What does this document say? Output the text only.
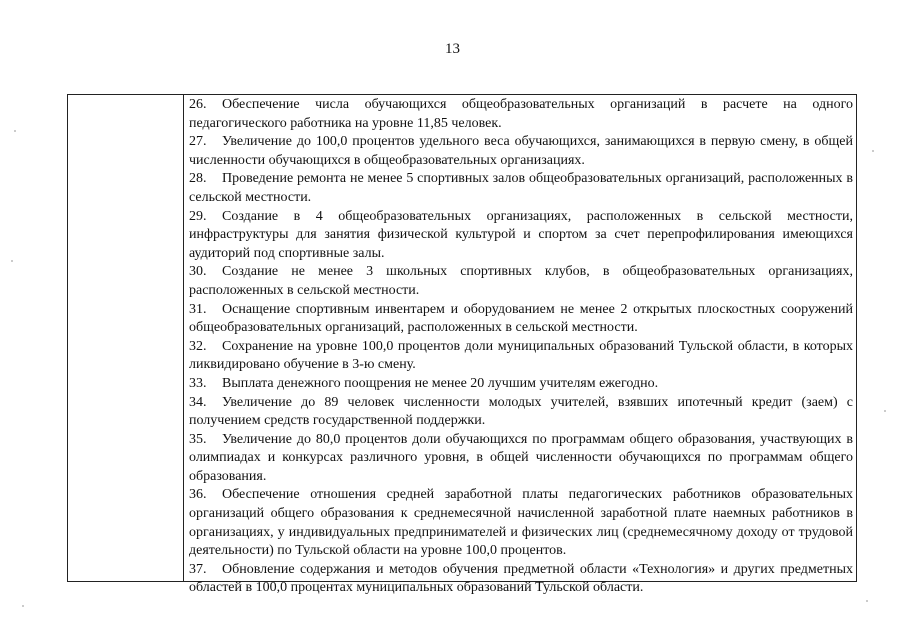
13

26. Обеспечение числа обучающихся общеобразовательных организаций в расчете на одного педагогического работника на уровне 11,85 человек.

27. Увеличение до 100,0 процентов удельного веса обучающихся, занимающихся в первую смену, в общей численности обучающихся в общеобразовательных организациях.

28. Проведение ремонта не менее 5 спортивных залов общеобразовательных организаций, расположенных в сельской местности.

29. Создание в 4 общеобразовательных организациях, расположенных в сельской местности, инфраструктуры для занятия физической культурой и спортом за счет перепрофилирования имеющихся аудиторий под спортивные залы.

30. Создание не менее 3 школьных спортивных клубов, в общеобразовательных организациях, расположенных в сельской местности.

31. Оснащение спортивным инвентарем и оборудованием не менее 2 открытых плоскостных сооружений общеобразовательных организаций, расположенных в сельской местности.

32. Сохранение на уровне 100,0 процентов доли муниципальных образований Тульской области, в которых ликвидировано обучение в 3-ю смену.

33. Выплата денежного поощрения не менее 20 лучшим учителям ежегодно.

34. Увеличение до 89 человек численности молодых учителей, взявших ипотечный кредит (заем) с получением средств государственной поддержки.

35. Увеличение до 80,0 процентов доли обучающихся по программам общего образования, участвующих в олимпиадах и конкурсах различного уровня, в общей численности обучающихся по программам общего образования.

36. Обеспечение отношения средней заработной платы педагогических работников образовательных организаций общего образования к среднемесячной начисленной заработной плате наемных работников в организациях, у индивидуальных предпринимателей и физических лиц (среднемесячному доходу от трудовой деятельности) по Тульской области на уровне 100,0 процентов.

37. Обновление содержания и методов обучения предметной области «Технология» и других предметных областей в 100,0 процентах муниципальных образований Тульской области.
